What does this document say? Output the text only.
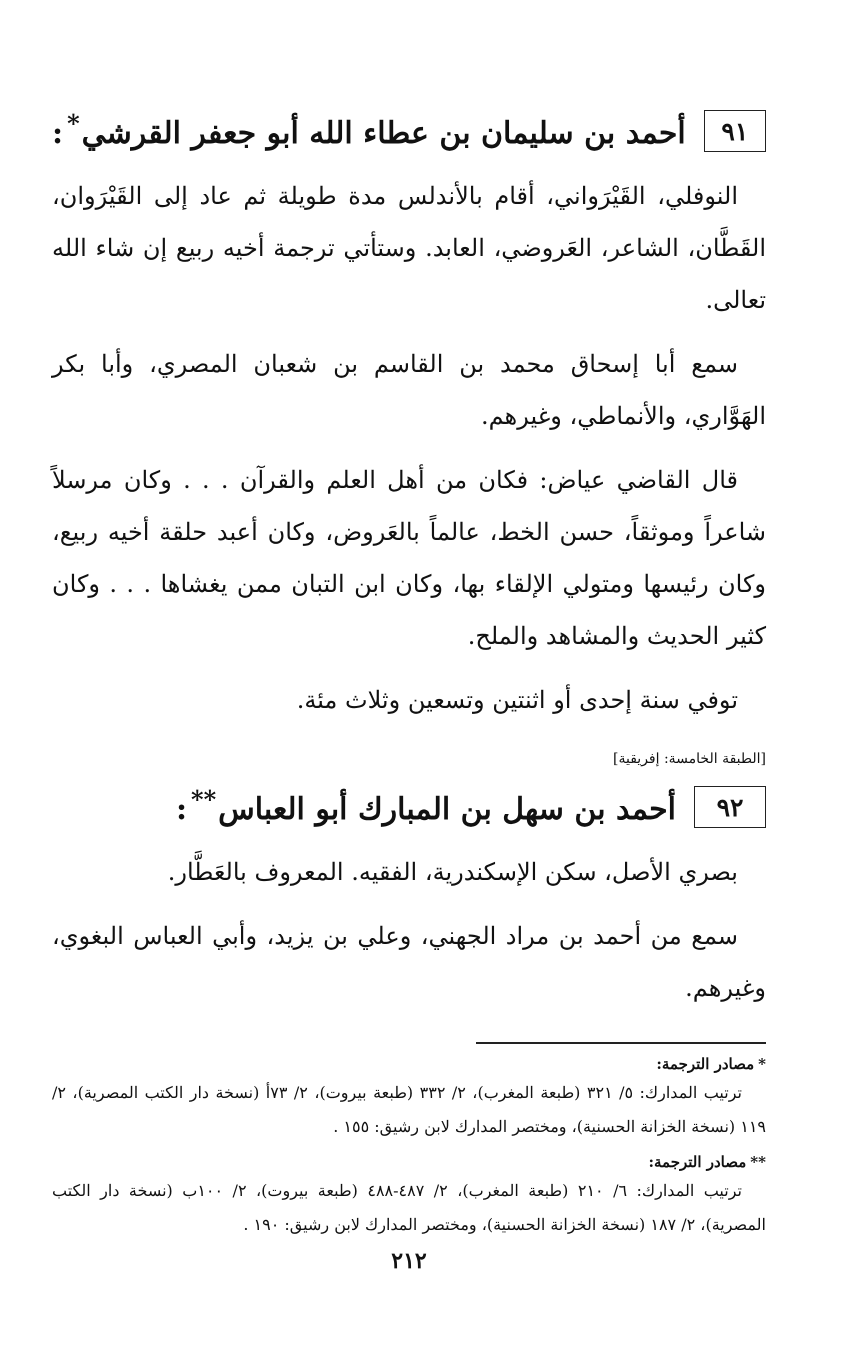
٩١
أحمد بن سليمان بن عطاء الله أبو جعفر القرشي*:

النوفلي، القَيْرَواني، أقام بالأندلس مدة طويلة ثم عاد إلى القَيْرَوان، القَطَّان، الشاعر، العَروضي، العابد. وستأتي ترجمة أخيه ربيع إن شاء الله تعالى.

سمع أبا إسحاق محمد بن القاسم بن شعبان المصري، وأبا بكر الهَوَّاري، والأنماطي، وغيرهم.

قال القاضي عياض: فكان من أهل العلم والقرآن . . . وكان مرسلاً شاعراً وموثقاً، حسن الخط، عالماً بالعَروض، وكان أعبد حلقة أخيه ربيع، وكان رئيسها ومتولي الإلقاء بها، وكان ابن التبان ممن يغشاها . . . وكان كثير الحديث والمشاهد والملح.

توفي سنة إحدى أو اثنتين وتسعين وثلاث مئة.

[الطبقة الخامسة: إفريقية]
٩٢
أحمد بن سهل بن المبارك أبو العباس**:

بصري الأصل، سكن الإسكندرية، الفقيه. المعروف بالعَطَّار.

سمع من أحمد بن مراد الجهني، وعلي بن يزيد، وأبي العباس البغوي، وغيرهم.

*مصادر الترجمة:

ترتيب المدارك: ٥/ ٣٢١ (طبعة المغرب)، ٢/ ٣٣٢ (طبعة بيروت)، ٢/ ٧٣أ (نسخة دار الكتب المصرية)، ٢/ ١١٩ (نسخة الخزانة الحسنية)، ومختصر المدارك لابن رشيق: ١٥٥ .

**مصادر الترجمة:

ترتيب المدارك: ٦/ ٢١٠ (طبعة المغرب)، ٢/ ٤٨٧-٤٨٨ (طبعة بيروت)، ٢/ ١٠٠ب (نسخة دار الكتب المصرية)، ٢/ ١٨٧ (نسخة الخزانة الحسنية)، ومختصر المدارك لابن رشيق: ١٩٠ .

٢١٢
